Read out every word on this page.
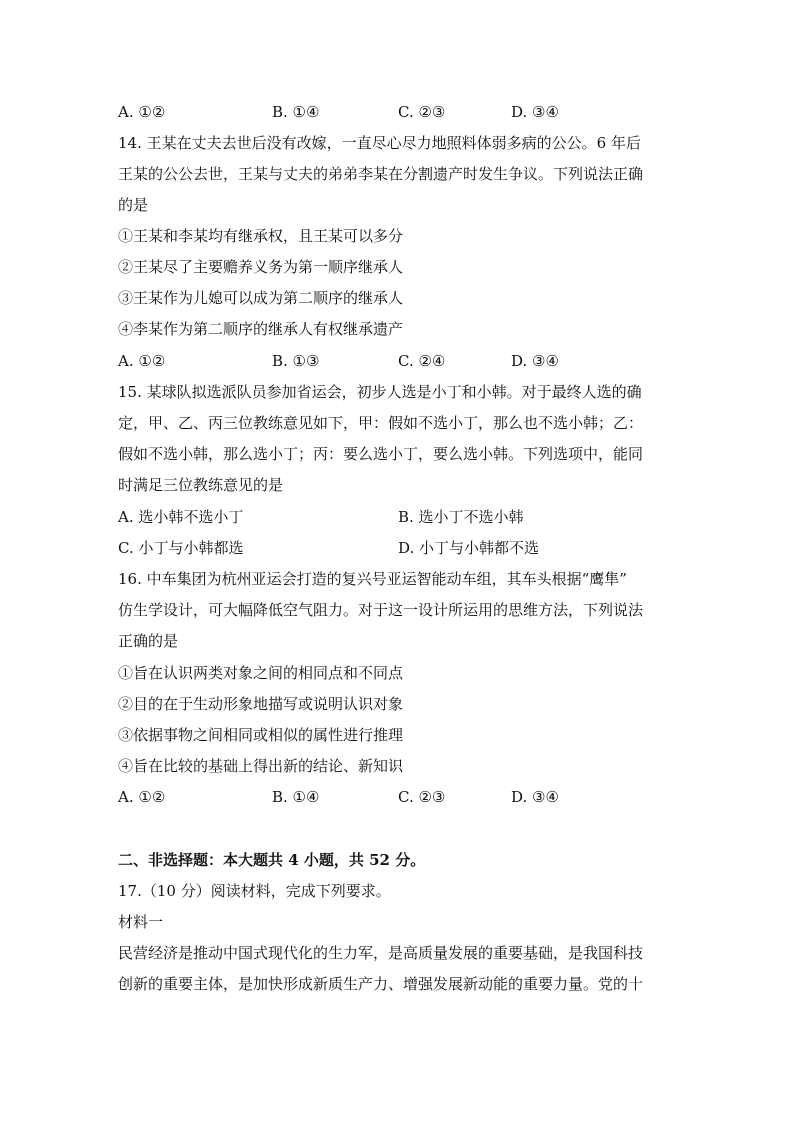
A. ①②	B. ①④	C. ②③	D. ③④
14. 王某在丈夫去世后没有改嫁，一直尽心尽力地照料体弱多病的公公。6 年后
王某的公公去世，王某与丈夫的弟弟李某在分割遗产时发生争议。下列说法正确
的是
①王某和李某均有继承权，且王某可以多分
②王某尽了主要赡养义务为第一顺序继承人
③王某作为儿媳可以成为第二顺序的继承人
④李某作为第二顺序的继承人有权继承遗产
A. ①②	B. ①③	C. ②④	D. ③④
15. 某球队拟选派队员参加省运会，初步人选是小丁和小韩。对于最终人选的确
定，甲、乙、丙三位教练意见如下，甲：假如不选小丁，那么也不选小韩；乙：
假如不选小韩，那么选小丁；丙：要么选小丁，要么选小韩。下列选项中，能同
时满足三位教练意见的是
A. 选小韩不选小丁	B. 选小丁不选小韩
C. 小丁与小韩都选	D. 小丁与小韩都不选
16. 中车集团为杭州亚运会打造的复兴号亚运智能动车组，其车头根据“鹰隼”
仿生学设计，可大幅降低空气阻力。对于这一设计所运用的思维方法，下列说法
正确的是
①旨在认识两类对象之间的相同点和不同点
②目的在于生动形象地描写或说明认识对象
③依据事物之间相同或相似的属性进行推理
④旨在比较的基础上得出新的结论、新知识
A. ①②	B. ①④	C. ②③	D. ③④
二、非选择题：本大题共 4 小题，共 52 分。
17.（10 分）阅读材料，完成下列要求。
材料一
民营经济是推动中国式现代化的生力军，是高质量发展的重要基础，是我国科技
创新的重要主体，是加快形成新质生产力、增强发展新动能的重要力量。党的十
